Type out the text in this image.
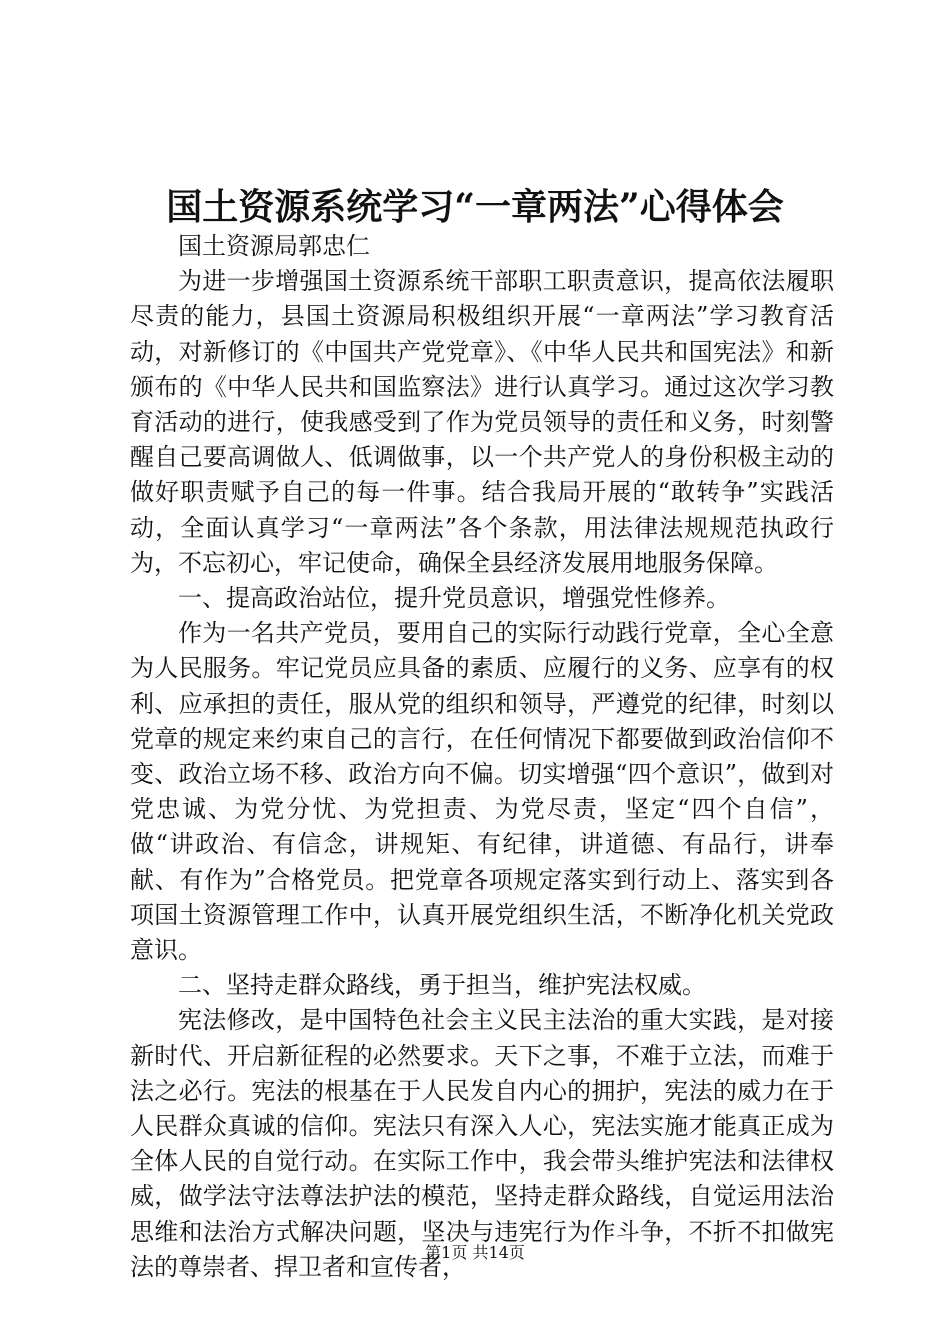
国土资源系统学习“一章两法”心得体会

国土资源局郭忠仁

为进一步增强国土资源系统干部职工职责意识，提高依法履职尽责的能力，县国土资源局积极组织开展“一章两法”学习教育活动，对新修订的《中国共产党党章》、《中华人民共和国宪法》和新颁布的《中华人民共和国监察法》进行认真学习。通过这次学习教育活动的进行，使我感受到了作为党员领导的责任和义务，时刻警醒自己要高调做人、低调做事，以一个共产党人的身份积极主动的做好职责赋予自己的每一件事。结合我局开展的“敢转争”实践活动，全面认真学习“一章两法”各个条款，用法律法规规范执政行为，不忘初心，牢记使命，确保全县经济发展用地服务保障。

一、提高政治站位，提升党员意识，增强党性修养。

作为一名共产党员，要用自己的实际行动践行党章，全心全意为人民服务。牢记党员应具备的素质、应履行的义务、应享有的权利、应承担的责任，服从党的组织和领导，严遵党的纪律，时刻以党章的规定来约束自己的言行，在任何情况下都要做到政治信仰不变、政治立场不移、政治方向不偏。切实增强“四个意识”，做到对党忠诚、为党分忧、为党担责、为党尽责，坚定“四个自信”，做“讲政治、有信念，讲规矩、有纪律，讲道德、有品行，讲奉献、有作为”合格党员。把党章各项规定落实到行动上、落实到各项国土资源管理工作中，认真开展党组织生活，不断净化机关党政意识。

二、坚持走群众路线，勇于担当，维护宪法权威。

宪法修改，是中国特色社会主义民主法治的重大实践，是对接新时代、开启新征程的必然要求。天下之事，不难于立法，而难于法之必行。宪法的根基在于人民发自内心的拥护，宪法的威力在于人民群众真诚的信仰。宪法只有深入人心，宪法实施才能真正成为全体人民的自觉行动。在实际工作中，我会带头维护宪法和法律权威，做学法守法尊法护法的模范，坚持走群众路线，自觉运用法治思维和法治方式解决问题，坚决与违宪行为作斗争，不折不扣做宪法的尊崇者、捍卫者和宣传者，

第1页 共14页
